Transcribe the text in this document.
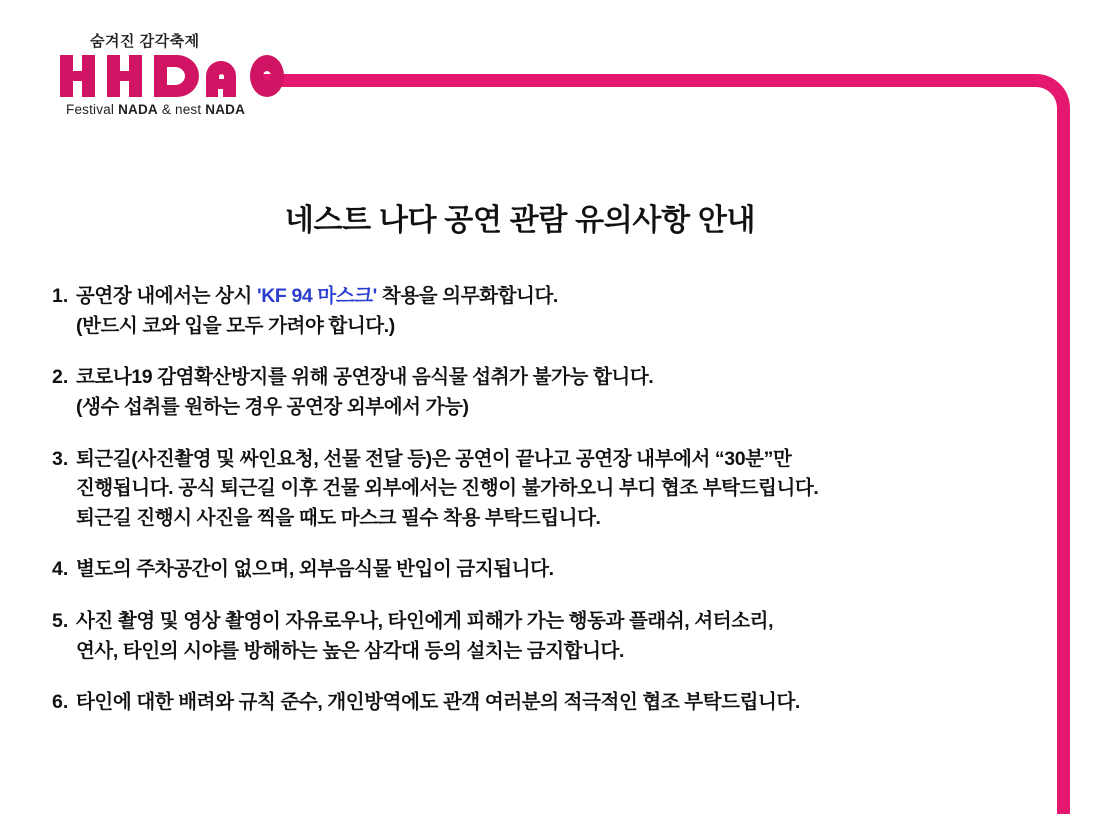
숨겨진 감각축제
Festival NADA & nest NADA
네스트 나다 공연 관람 유의사항 안내
1. 공연장 내에서는 상시 'KF 94 마스크' 착용을 의무화합니다.
(반드시 코와 입을 모두 가려야 합니다.)
2. 코로나19 감염확산방지를 위해 공연장내 음식물 섭취가 불가능 합니다.
(생수 섭취를 원하는 경우 공연장 외부에서 가능)
3. 퇴근길(사진촬영 및 싸인요청, 선물 전달 등)은 공연이 끝나고 공연장 내부에서 “30분”만
진행됩니다. 공식 퇴근길 이후 건물 외부에서는 진행이 불가하오니 부디 협조 부탁드립니다.
퇴근길 진행시 사진을 찍을 때도 마스크 필수 착용 부탁드립니다.
4. 별도의 주차공간이 없으며, 외부음식물 반입이 금지됩니다.
5. 사진 촬영 및 영상 촬영이 자유로우나, 타인에게 피해가 가는 행동과 플래쉬, 셔터소리,
연사, 타인의 시야를 방해하는 높은 삼각대 등의 설치는 금지합니다.
6. 타인에 대한 배려와 규칙 준수, 개인방역에도 관객 여러분의 적극적인 협조 부탁드립니다.
